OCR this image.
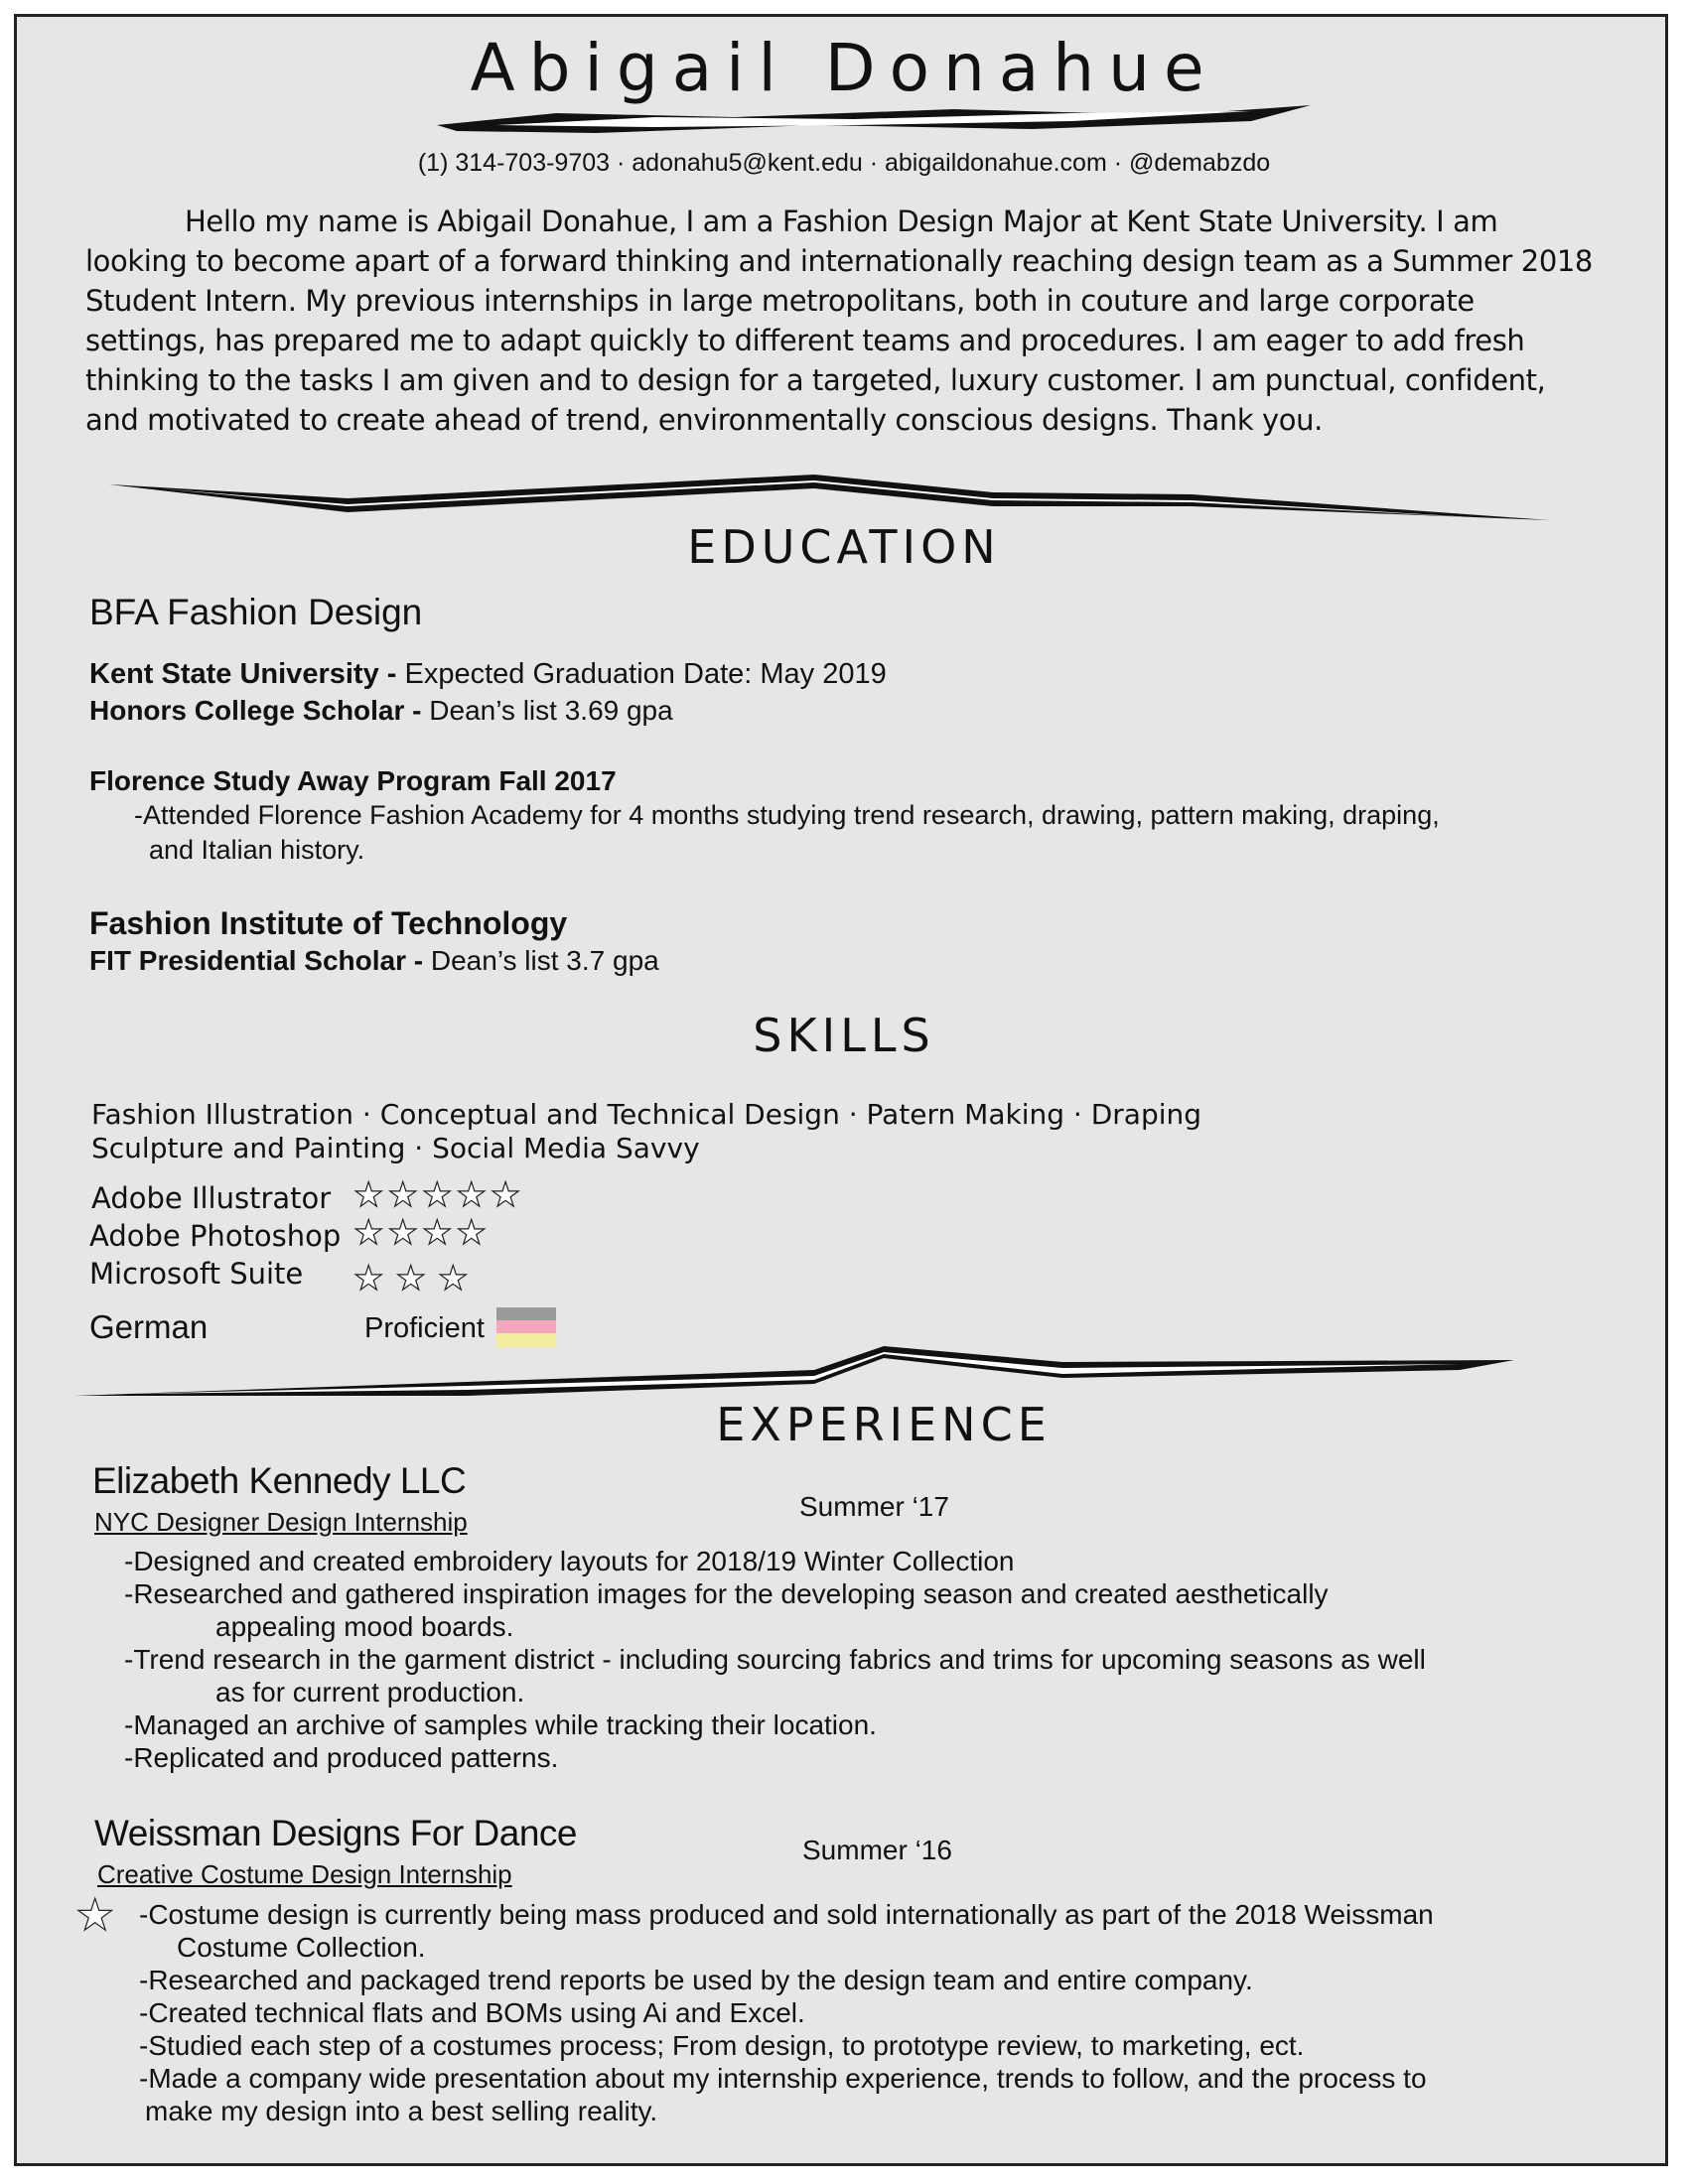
Abigail Donahue
(1) 314-703-9703 · adonahu5@kent.edu · abigaildonahue.com · @demabzdo

Hello my name is Abigail Donahue, I am a Fashion Design Major at Kent State University. I am looking to become apart of a forward thinking and internationally reaching design team as a Summer 2018 Student Intern. My previous internships in large metropolitans, both in couture and large corporate settings, has prepared me to adapt quickly to different teams and procedures. I am eager to add fresh thinking to the tasks I am given and to design for a targeted, luxury customer. I am punctual, confident, and motivated to create ahead of trend, environmentally conscious designs. Thank you.

EDUCATION
BFA Fashion Design
Kent State University - Expected Graduation Date: May 2019
Honors College Scholar - Dean’s list 3.69 gpa
Florence Study Away Program Fall 2017
-Attended Florence Fashion Academy for 4 months studying trend research, drawing, pattern making, draping,
and Italian history.
Fashion Institute of Technology
FIT Presidential Scholar - Dean’s list 3.7 gpa
SKILLS
Fashion Illustration · Conceptual and Technical Design · Patern Making · Draping
Sculpture and Painting · Social Media Savvy
Adobe Illustrator ★★★★★
Adobe Photoshop ★★★★
Microsoft Suite ★★★
German	Proficient
EXPERIENCE
Elizabeth Kennedy LLC
NYC Designer Design Internship	Summer ‘17
-Designed and created embroidery layouts for 2018/19 Winter Collection
-Researched and gathered inspiration images for the developing season and created aesthetically
appealing mood boards.
-Trend research in the garment district - including sourcing fabrics and trims for upcoming seasons as well
as for current production.
-Managed an archive of samples while tracking their location.
-Replicated and produced patterns.
Weissman Designs For Dance
Creative Costume Design Internship
Summer ‘16
★ -Costume design is currently being mass produced and sold internationally as part of the 2018 Weissman
Costume Collection.
-Researched and packaged trend reports be used by the design team and entire company.
-Created technical flats and BOMs using Ai and Excel.
-Studied each step of a costumes process; From design, to prototype review, to marketing, ect.
-Made a company wide presentation about my internship experience, trends to follow, and the process to
make my design into a best selling reality.
